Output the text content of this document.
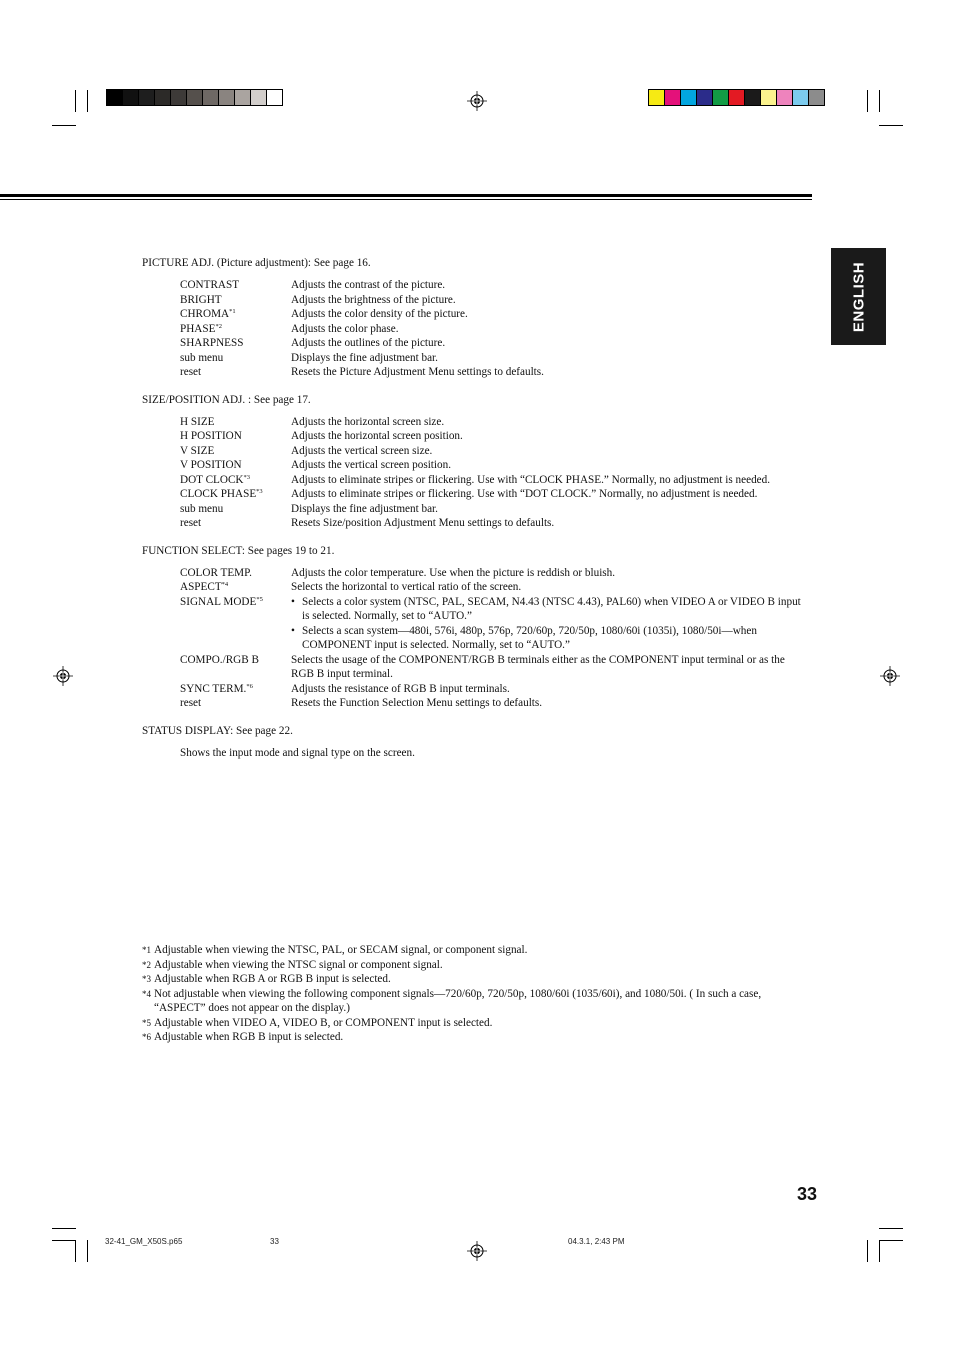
ENGLISH
PICTURE ADJ. (Picture adjustment): See page 16.
CONTRAST	Adjusts the contrast of the picture.
BRIGHT	Adjusts the brightness of the picture.
CHROMA$^{*1}$	Adjusts the color density of the picture.
PHASE$^{*2}$	Adjusts the color phase.
SHARPNESS	Adjusts the outlines of the picture.
sub menu	Displays the fine adjustment bar.
reset	Resets the Picture Adjustment Menu settings to defaults.
SIZE/POSITION ADJ. : See page 17.
H SIZE	Adjusts the horizontal screen size.
H POSITION	Adjusts the horizontal screen position.
V SIZE	Adjusts the vertical screen size.
V POSITION	Adjusts the vertical screen position.
DOT CLOCK$^{*3}$	Adjusts to eliminate stripes or flickering. Use with “CLOCK PHASE.” Normally, no adjustment is needed.
CLOCK PHASE$^{*3}$	Adjusts to eliminate stripes or flickering. Use with “DOT CLOCK.” Normally, no adjustment is needed.
sub menu	Displays the fine adjustment bar.
reset	Resets Size/position Adjustment Menu settings to defaults.
FUNCTION SELECT: See pages 19 to 21.
COLOR TEMP.	Adjusts the color temperature. Use when the picture is reddish or bluish.
ASPECT$^{*4}$	Selects the horizontal to vertical ratio of the screen.
SIGNAL MODE$^{*5}$	• Selects a color system (NTSC, PAL, SECAM, N4.43 (NTSC 4.43), PAL60) when VIDEO A or VIDEO B input is selected. Normally, set to “AUTO.”
• Selects a scan system—480i, 576i, 480p, 576p, 720/60p, 720/50p, 1080/60i (1035i), 1080/50i—when COMPONENT input is selected. Normally, set to “AUTO.”
COMPO./RGB B	Selects the usage of the COMPONENT/RGB B terminals either as the COMPONENT input terminal or as the RGB B input terminal.
SYNC TERM.$^{*6}$	Adjusts the resistance of RGB B input terminals.
reset	Resets the Function Selection Menu settings to defaults.
STATUS DISPLAY: See page 22.
Shows the input mode and signal type on the screen.
*1 Adjustable when viewing the NTSC, PAL, or SECAM signal, or component signal.
*2 Adjustable when viewing the NTSC signal or component signal.
*3 Adjustable when RGB A or RGB B input is selected.
*4 Not adjustable when viewing the following component signals—720/60p, 720/50p, 1080/60i (1035/60i), and 1080/50i. ( In such a case, “ASPECT” does not appear on the display.)
*5 Adjustable when VIDEO A, VIDEO B, or COMPONENT input is selected.
*6 Adjustable when RGB B input is selected.
33
32-41_GM_X50S.p65	33	04.3.1, 2:43 PM
